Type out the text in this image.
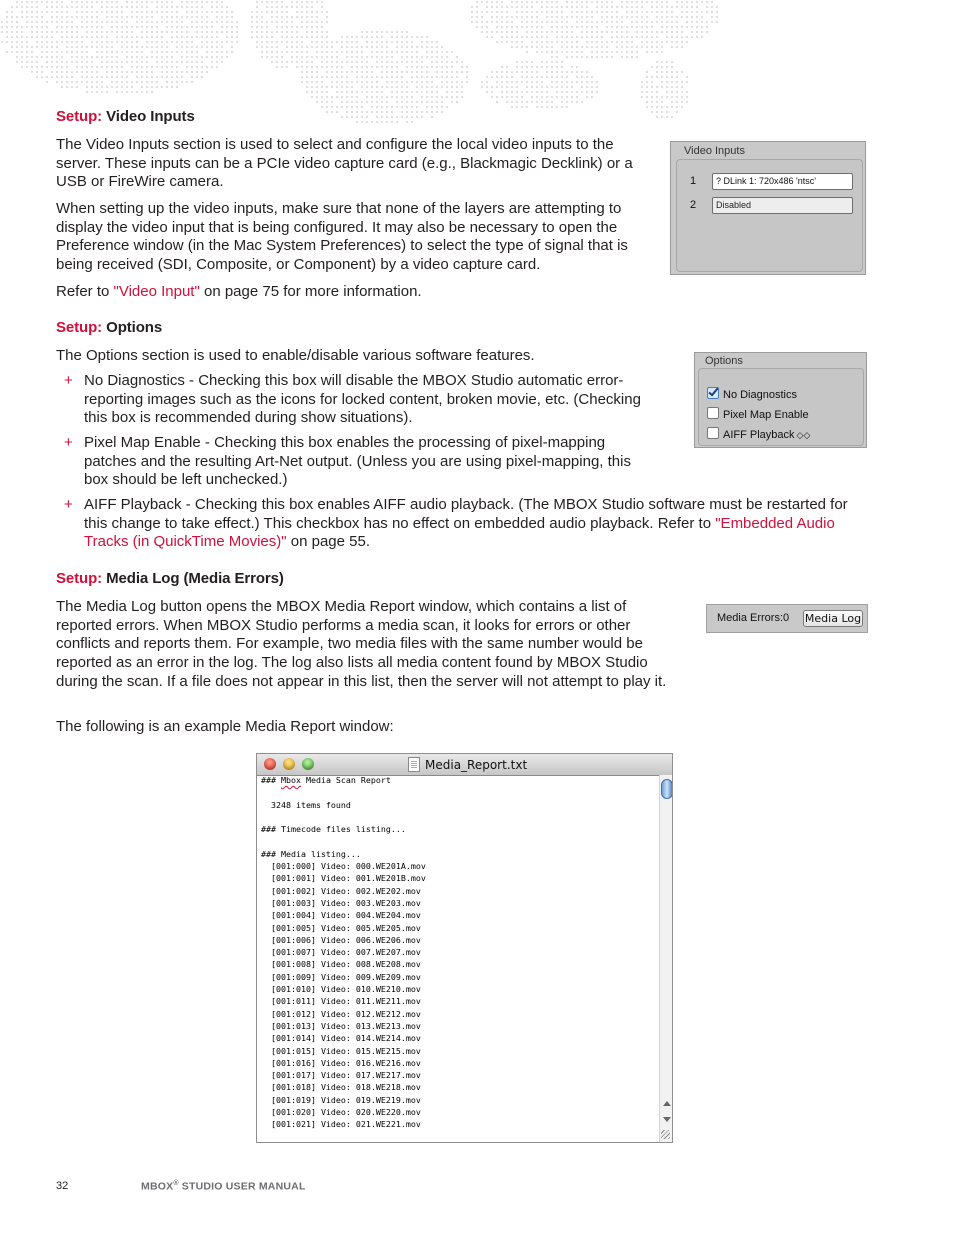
Setup: Video Inputs

The Video Inputs section is used to select and configure the local video inputs to the server. These inputs can be a PCIe video capture card (e.g., Blackmagic Decklink) or a USB or FireWire camera.

When setting up the video inputs, make sure that none of the layers are attempting to display the video input that is being configured. It may also be necessary to open the Preference window (in the Mac System Preferences) to select the type of signal that is being received (SDI, Composite, or Component) by a video capture card.

Refer to "Video Input" on page 75 for more information.

Video Inputs
1	? DLink 1: 720x486 'ntsc'
2	Disabled
Setup: Options

The Options section is used to enable/disable various software features.

+ No Diagnostics - Checking this box will disable the MBOX Studio automatic error-reporting images such as the icons for locked content, broken movie, etc. (Checking this box is recommended during show situations).
+ Pixel Map Enable - Checking this box enables the processing of pixel-mapping patches and the resulting Art-Net output. (Unless you are using pixel-mapping, this box should be left unchecked.)
+ AIFF Playback - Checking this box enables AIFF audio playback. (The MBOX Studio software must be restarted for this change to take effect.) This checkbox has no effect on embedded audio playback. Refer to "Embedded Audio Tracks (in QuickTime Movies)" on page 55.
Options
No Diagnostics
Pixel Map Enable
AIFF Playback ◇◇
Setup: Media Log (Media Errors)

The Media Log button opens the MBOX Media Report window, which contains a list of reported errors. When MBOX Studio performs a media scan, it looks for errors or other conflicts and reports them. For example, two media files with the same number would be reported as an error in the log. The log also lists all media content found by MBOX Studio during the scan. If a file does not appear in this list, then the server will not attempt to play it.

The following is an example Media Report window:

Media Errors:0 Media Log
Media_Report.txt
### Mbox Media Scan Report

3248 items found

### Timecode files listing...

### Media listing...
[001:000] Video: 000.WE201A.mov
[001:001] Video: 001.WE201B.mov
[001:002] Video: 002.WE202.mov
[001:003] Video: 003.WE203.mov
[001:004] Video: 004.WE204.mov
[001:005] Video: 005.WE205.mov
[001:006] Video: 006.WE206.mov
[001:007] Video: 007.WE207.mov
[001:008] Video: 008.WE208.mov
[001:009] Video: 009.WE209.mov
[001:010] Video: 010.WE210.mov
[001:011] Video: 011.WE211.mov
[001:012] Video: 012.WE212.mov
[001:013] Video: 013.WE213.mov
[001:014] Video: 014.WE214.mov
[001:015] Video: 015.WE215.mov
[001:016] Video: 016.WE216.mov
[001:017] Video: 017.WE217.mov
[001:018] Video: 018.WE218.mov
[001:019] Video: 019.WE219.mov
[001:020] Video: 020.WE220.mov
[001:021] Video: 021.WE221.mov
32	MBOX® STUDIO USER MANUAL
